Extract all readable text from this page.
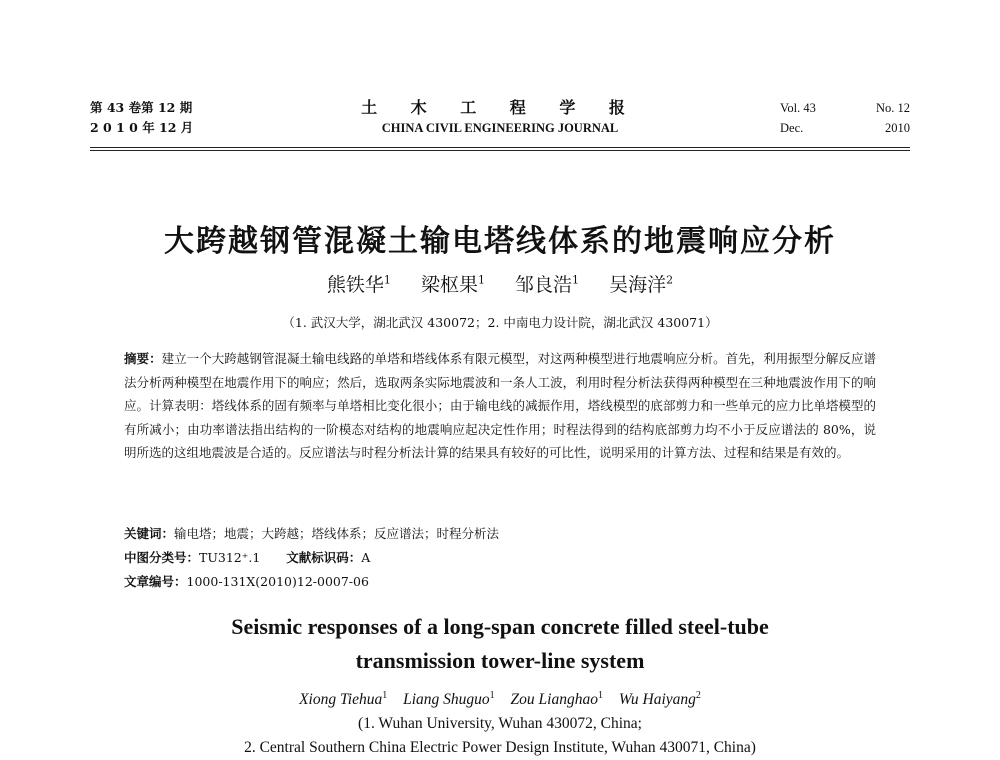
第 43 卷第 12 期
2 0 1 0 年 12 月
土 木 工 程 学 报
CHINA CIVIL ENGINEERING JOURNAL
Vol. 43	No. 12
Dec.	2010
大跨越钢管混凝土输电塔线体系的地震响应分析
熊铁华$^1$ 梁枢果$^1$ 邹良浩$^1$ 吴海洋$^2$
（1. 武汉大学，湖北武汉 430072；2. 中南电力设计院，湖北武汉 430071）
摘要：建立一个大跨越钢管混凝土输电线路的单塔和塔线体系有限元模型，对这两种模型进行地震响应分析。首先，利用振型分解反应谱法分析两种模型在地震作用下的响应；然后，选取两条实际地震波和一条人工波，利用时程分析法获得两种模型在三种地震波作用下的响应。计算表明：塔线体系的固有频率与单塔相比变化很小；由于输电线的减振作用，塔线模型的底部剪力和一些单元的应力比单塔模型的有所减小；由功率谱法指出结构的一阶模态对结构的地震响应起决定性作用；时程法得到的结构底部剪力均不小于反应谱法的 80%，说明所选的这组地震波是合适的。反应谱法与时程分析法计算的结果具有较好的可比性，说明采用的计算方法、过程和结果是有效的。
关键词：输电塔；地震；大跨越；塔线体系；反应谱法；时程分析法
中图分类号：TU312⁺.1 文献标识码：A
文章编号：1000-131X(2010)12-0007-06
Seismic responses of a long-span concrete filled steel-tube
transmission tower-line system
Xiong Tiehua$^1$ Liang Shuguo$^1$ Zou Lianghao$^1$ Wu Haiyang$^2$
(1. Wuhan University, Wuhan 430072, China;
2. Central Southern China Electric Power Design Institute, Wuhan 430071, China)
